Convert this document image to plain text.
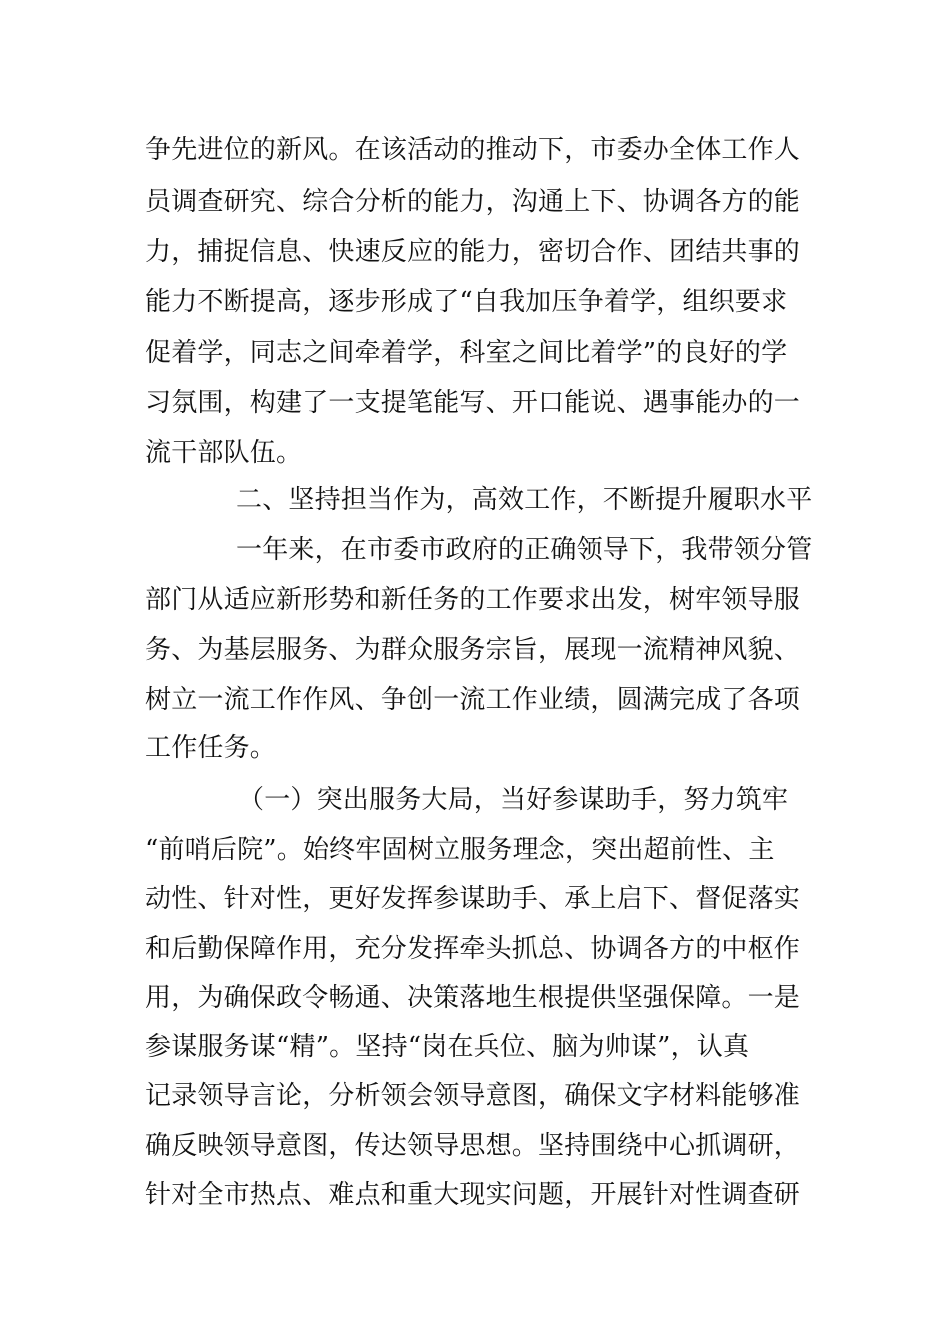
争先进位的新风。在该活动的推动下，市委办全体工作人
员调查研究、综合分析的能力，沟通上下、协调各方的能
力，捕捉信息、快速反应的能力，密切合作、团结共事的
能力不断提高，逐步形成了“自我加压争着学，组织要求
促着学，同志之间牵着学，科室之间比着学”的良好的学
习氛围，构建了一支提笔能写、开口能说、遇事能办的一
流干部队伍。
二、坚持担当作为，高效工作，不断提升履职水平
一年来，在市委市政府的正确领导下，我带领分管
部门从适应新形势和新任务的工作要求出发，树牢领导服
务、为基层服务、为群众服务宗旨，展现一流精神风貌、
树立一流工作作风、争创一流工作业绩，圆满完成了各项
工作任务。
（一）突出服务大局，当好参谋助手，努力筑牢
“前哨后院”。始终牢固树立服务理念，突出超前性、主
动性、针对性，更好发挥参谋助手、承上启下、督促落实
和后勤保障作用，充分发挥牵头抓总、协调各方的中枢作
用，为确保政令畅通、决策落地生根提供坚强保障。一是
参谋服务谋“精”。坚持“岗在兵位、脑为帅谋”，认真
记录领导言论，分析领会领导意图，确保文字材料能够准
确反映领导意图，传达领导思想。坚持围绕中心抓调研，
针对全市热点、难点和重大现实问题，开展针对性调查研
